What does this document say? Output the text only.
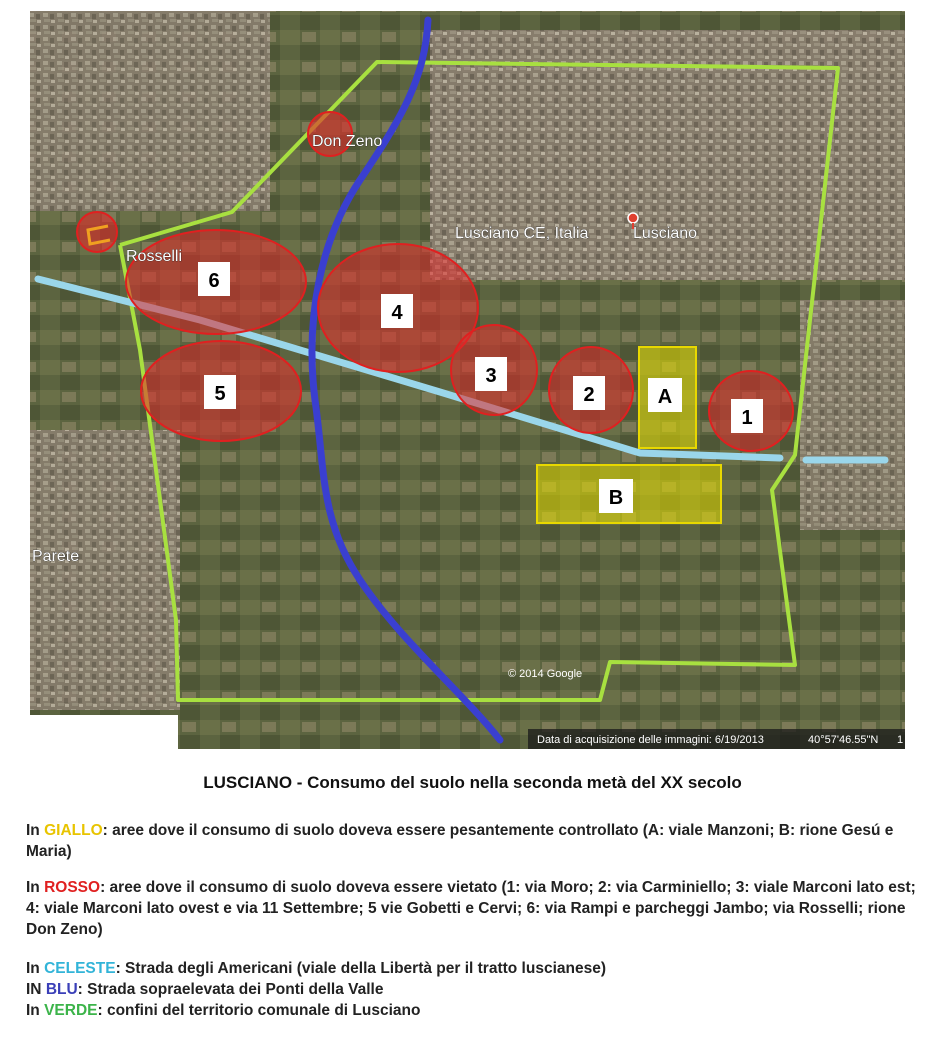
6
4
5
3
2	A
1
B
Don Zeno
Lusciano CE, Italia	Lusciano
Rosselli
Parete
© 2014 Google
Data di acquisizione delle immagini: 6/19/2013	40°57'46.55"N 1

LUSCIANO - Consumo del suolo nella seconda metà del XX secolo

In GIALLO: aree dove il consumo di suolo doveva essere pesantemente controllato (A: viale Manzoni; B: rione Gesú e Maria)

In ROSSO: aree dove il consumo di suolo doveva essere vietato (1: via Moro; 2: via Carminiello; 3: viale Marconi lato est; 4: viale Marconi lato ovest e via 11 Settembre; 5 vie Gobetti e Cervi; 6: via Rampi e parcheggi Jambo; via Rosselli; rione Don Zeno)

In CELESTE: Strada degli Americani (viale della Libertà per il tratto luscianese)

IN BLU: Strada sopraelevata dei Ponti della Valle

In VERDE: confini del territorio comunale di Lusciano
